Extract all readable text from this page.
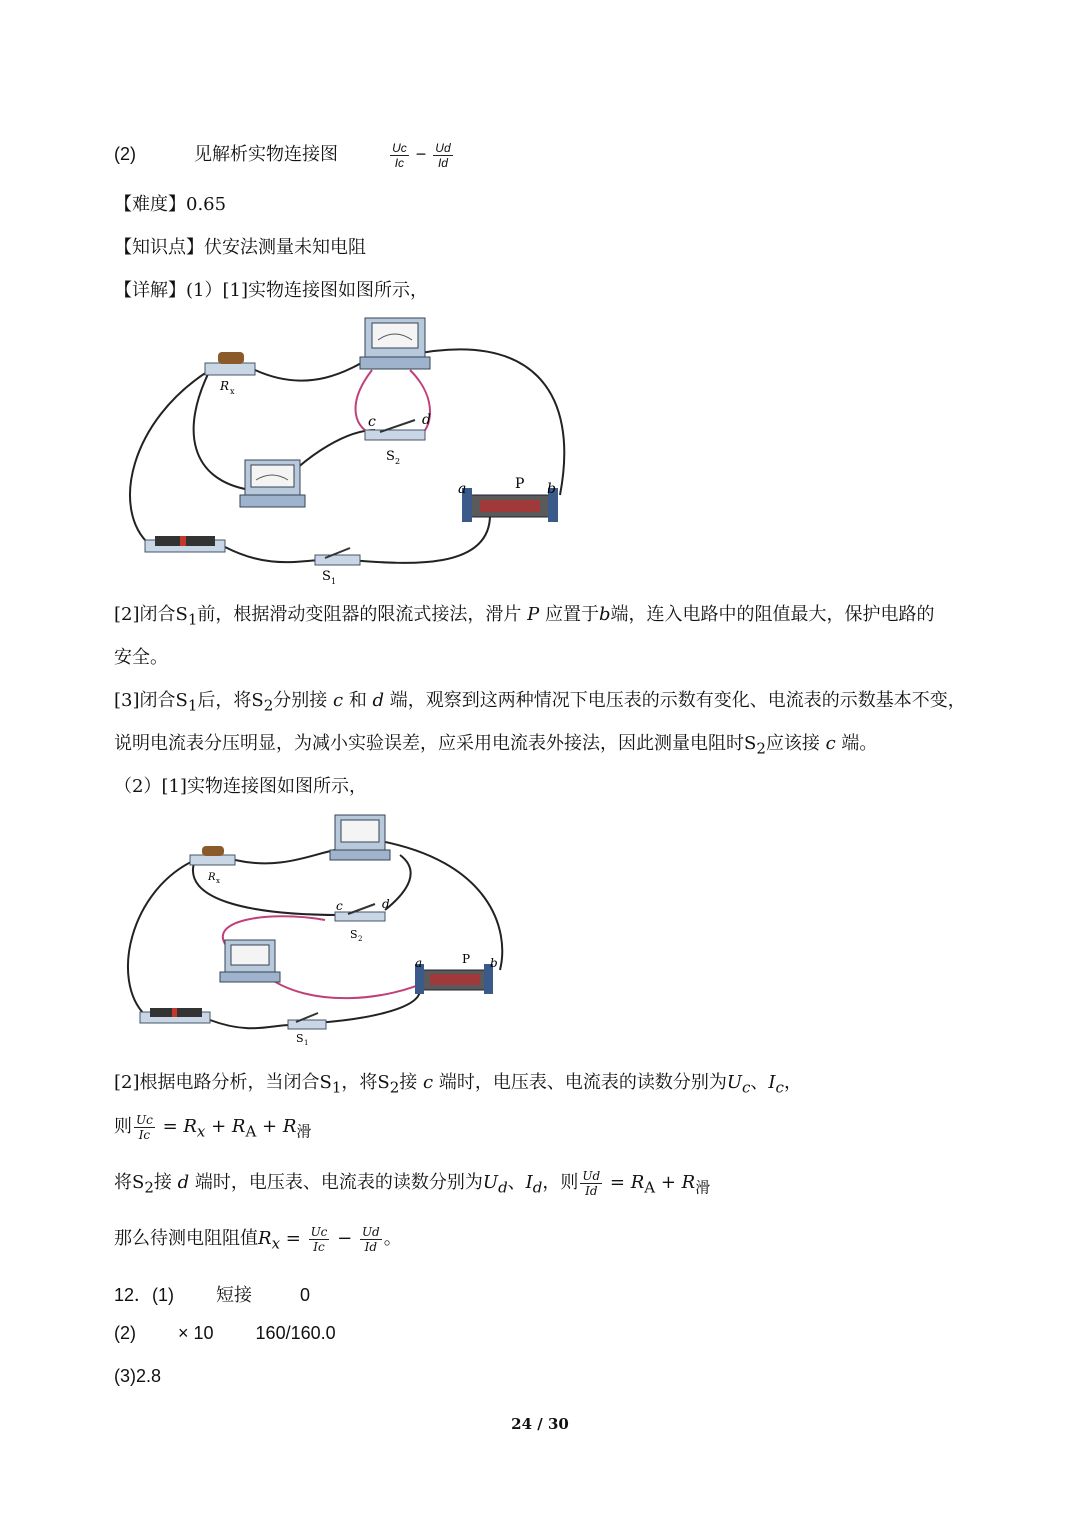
(2)	见解析实物连接图	$\frac{Uc}{Ic} - \frac{Ud}{Id}$
【难度】0.65
【知识点】伏安法测量未知电阻
【详解】(1）[1]实物连接图如图所示，
R x
c	d
S 2
a	P b
S 1
[2]闭合$S_1$前，根据滑动变阻器的限流式接法，滑片 P 应置于b端，连入电路中的阻值最大，保护电路的
安全。
[3]闭合$S_1$后，将$S_2$分别接 c 和 d 端，观察到这两种情况下电压表的示数有变化、电流表的示数基本不变，
说明电流表分压明显，为减小实验误差，应采用电流表外接法，因此测量电阻时$S_2$应该接 c 端。
（2）[1]实物连接图如图所示，
R x
c	d
S 2
a	P b
S 1
[2]根据电路分析，当闭合$S_1$，将$S_2$接 c 端时，电压表、电流表的读数分别为$U_c$、$I_c$，
则 $\frac{Uc}{Ic} = R_x + R_A + R_滑$
将$S_2$接 d 端时，电压表、电流表的读数分别为$U_d$、$I_d$，则 $\frac{Ud}{Id} = R_A + R_滑$
那么待测电阻阻值$R_x = \frac{Uc}{Ic} - \frac{Ud}{Id}$ 。
12．(1) 短接	0
(2) × 10 160/160.0
(3)2.8
24 / 30
